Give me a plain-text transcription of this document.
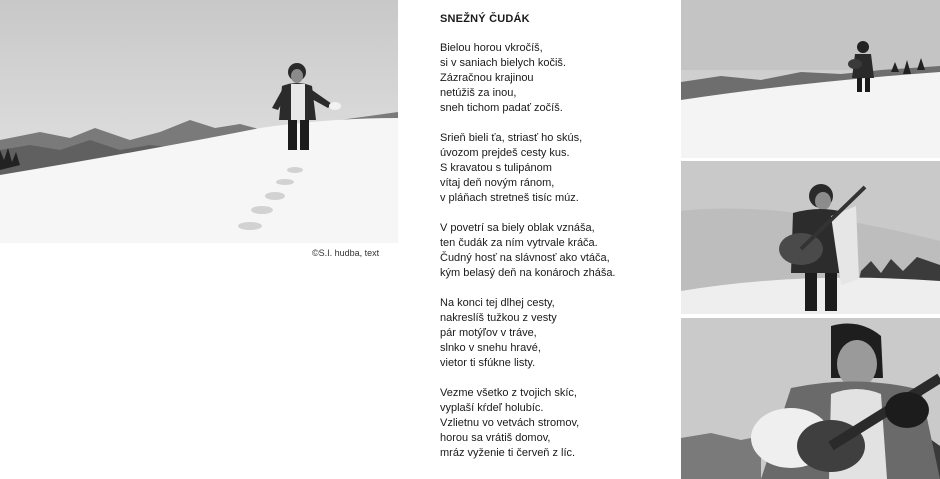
©S.I. hudba, text
SNEŽNÝ ČUDÁK
Bielou horou vkročíš,
si v saniach bielych kočiš.
Zázračnou krajinou
netúžiš za inou,
sneh tichom padať zočíš.
Srieň bieli ťa, striasť ho skús,
úvozom prejdeš cesty kus.
S kravatou s tulipánom
vítaj deň novým ránom,
v pláňach stretneš tisíc múz.
V povetrí sa biely oblak vznáša,
ten čudák za ním vytrvale kráča.
Čudný hosť na slávnosť ako vtáča,
kým belasý deň na konároch zháša.
Na konci tej dlhej cesty,
nakreslíš tužkou z vesty
pár motýľov v tráve,
slnko v snehu hravé,
vietor ti sfúkne listy.
Vezme všetko z tvojich skíc,
vyplaší kŕdeľ holubíc.
Vzlietnu vo vetvách stromov,
horou sa vrátiš domov,
mráz vyženie ti červeň z líc.
